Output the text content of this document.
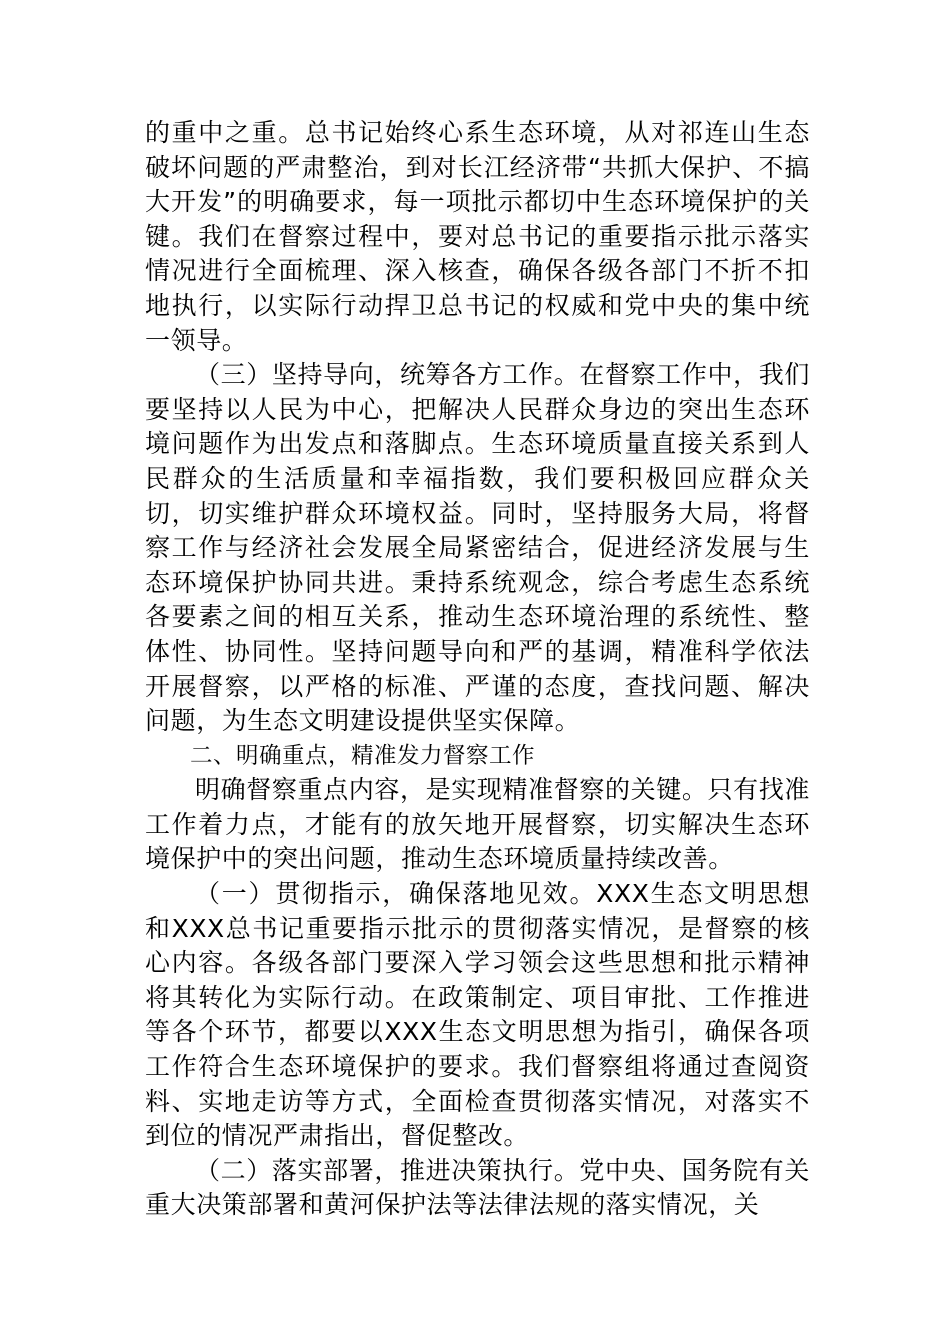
的重中之重。总书记始终心系生态环境，从对祁连山生态破坏问题的严肃整治，到对长江经济带“共抓大保护、不搞大开发”的明确要求，每一项批示都切中生态环境保护的关键。我们在督察过程中，要对总书记的重要指示批示落实情况进行全面梳理、深入核查，确保各级各部门不折不扣地执行，以实际行动捍卫总书记的权威和党中央的集中统一领导。

（三）坚持导向，统筹各方工作。在督察工作中，我们要坚持以人民为中心，把解决人民群众身边的突出生态环境问题作为出发点和落脚点。生态环境质量直接关系到人民群众的生活质量和幸福指数，我们要积极回应群众关切，切实维护群众环境权益。同时，坚持服务大局，将督察工作与经济社会发展全局紧密结合，促进经济发展与生态环境保护协同共进。秉持系统观念，综合考虑生态系统各要素之间的相互关系，推动生态环境治理的系统性、整体性、协同性。坚持问题导向和严的基调，精准科学依法开展督察，以严格的标准、严谨的态度，查找问题、解决问题，为生态文明建设提供坚实保障。

二、明确重点，精准发力督察工作

明确督察重点内容，是实现精准督察的关键。只有找准工作着力点，才能有的放矢地开展督察，切实解决生态环境保护中的突出问题，推动生态环境质量持续改善。

（一）贯彻指示，确保落地见效。XXX生态文明思想和XXX总书记重要指示批示的贯彻落实情况，是督察的核心内容。各级各部门要深入学习领会这些思想和批示精神将其转化为实际行动。在政策制定、项目审批、工作推进等各个环节，都要以XXX生态文明思想为指引，确保各项工作符合生态环境保护的要求。我们督察组将通过查阅资料、实地走访等方式，全面检查贯彻落实情况，对落实不到位的情况严肃指出，督促整改。

（二）落实部署，推进决策执行。党中央、国务院有关重大决策部署和黄河保护法等法律法规的落实情况，关
